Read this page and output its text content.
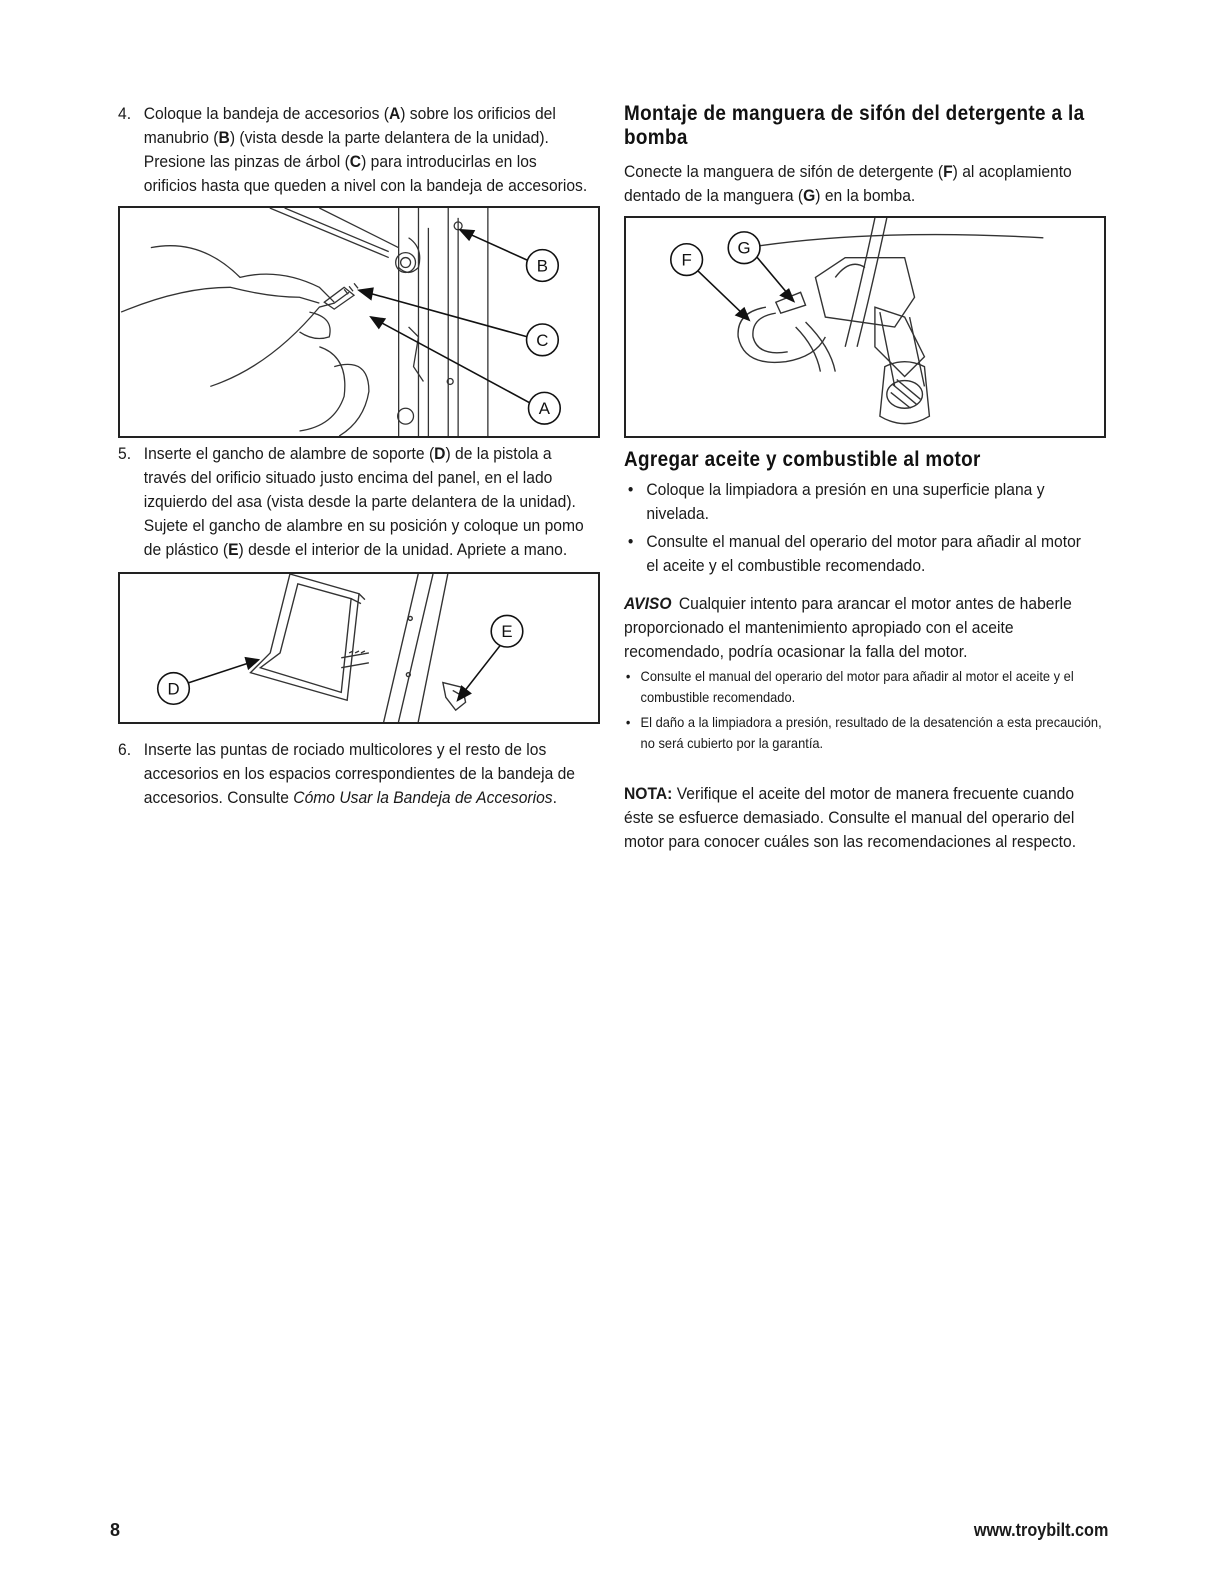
4. Coloque la bandeja de accesorios (A) sobre los orificios del manubrio (B) (vista desde la parte delantera de la unidad). Presione las pinzas de árbol (C) para introducirlas en los orificios hasta que queden a nivel con la bandeja de accesorios.
B
C
A
5. Inserte el gancho de alambre de soporte (D) de la pistola a través del orificio situado justo encima del panel, en el lado izquierdo del asa (vista desde la parte delantera de la unidad). Sujete el gancho de alambre en su posición y coloque un pomo de plástico (E) desde el interior de la unidad. Apriete a mano.
D
E
6. Inserte las puntas de rociado multicolores y el resto de los accesorios en los espacios correspondientes de la bandeja de accesorios. Consulte Cómo Usar la Bandeja de Accesorios.
Montaje de manguera de sifón del detergente a la bomba

Conecte la manguera de sifón de detergente (F) al acoplamiento dentado de la manguera (G) en la bomba.

F
G
Agregar aceite y combustible al motor
• Coloque la limpiadora a presión en una superficie plana y nivelada.
• Consulte el manual del operario del motor para añadir al motor el aceite y el combustible recomendado.

AVISO Cualquier intento para arancar el motor antes de haberle proporcionado el mantenimiento apropiado con el aceite recomendado, podría ocasionar la falla del motor.

• Consulte el manual del operario del motor para añadir al motor el aceite y el combustible recomendado.
• El daño a la limpiadora a presión, resultado de la desatención a esta precaución, no será cubierto por la garantía.

NOTA: Verifique el aceite del motor de manera frecuente cuando éste se esfuerce demasiado. Consulte el manual del operario del motor para conocer cuáles son las recomendaciones al respecto.

8	www.troybilt.com
